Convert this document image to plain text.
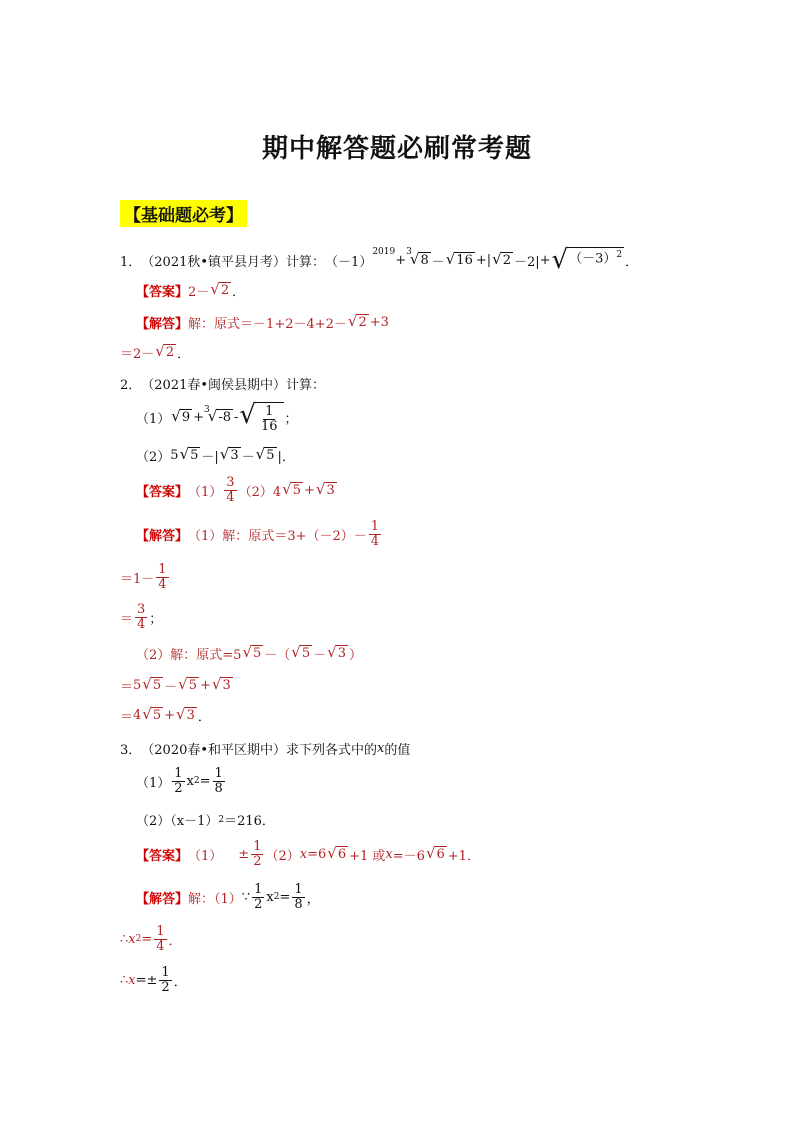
期中解答题必刷常考题
【基础题必考】
1． （2021秋•镇平县月考）计算： （－1）
$^{2019}$
+
3
√ 8 － √ 16 + | √ 2 －2| + √ $(-3)^2$ ．
【答案】 2－ √ 2 ．
【解答】 解： 原式＝ －1+2－4+2－ √ 2 +3
＝ 2－ √ 2 ．
2． （2021春•闽侯县期中）计算：
（1） √ 9 +
3
√ -8 - √ $\frac{1}{16}$ ；
（2） 5 √ 5 －| √ 3 － √ 5 |．
【答案】 $(1) \frac{3}{4} (2)4$ √ 5 + √ 3
【解答】 （1） 解： 原式＝ $3+(-2)- \frac{1}{4}$
＝ $1- \frac{1}{4}$
＝ $\frac{3}{4}$ ；
（2）解：原式=5 √ 5 －（ √ 5 － √ 3 ）
＝ 5 √ 5 － √ 5 + √ 3
＝ 4 √ 5 + √ 3 ．
3． （2020春•和平区期中）求下列各式中的 x 的值
$(1) \frac{1}{2}$ x $2 = \frac{1}{8}$
（2）（x－1） 2 ＝216．
【答案】 $(1) \pm \frac{1}{2} (2)$ x =6 √ 6 +1 或 x =－6 √ 6 +1．
【解答】 解：（1） ∵ $\frac{1}{2}$ x $2 = \frac{1}{8}$ ，
∴ x $2 = \frac{1}{4}$ ．
∴ $x =\pm \frac{1}{2}$ ．
